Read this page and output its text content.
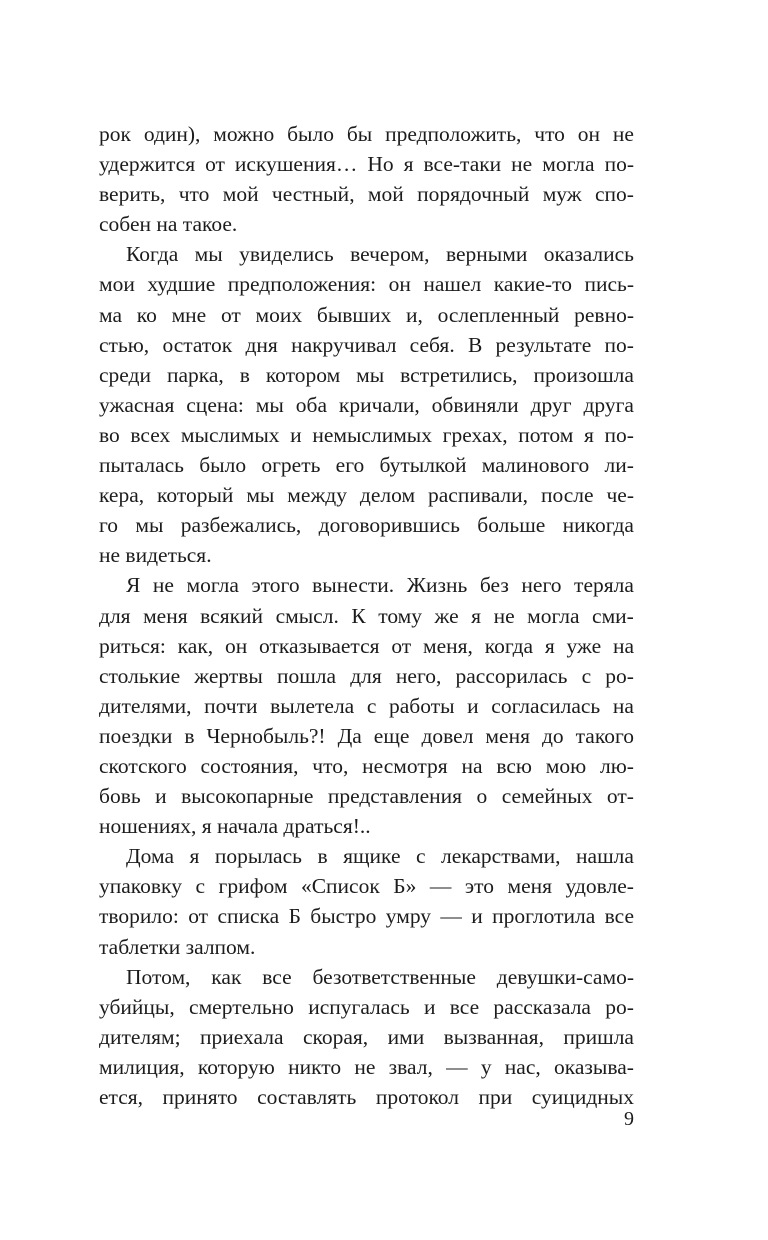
рок один), можно было бы предположить, что он не
удержится от искушения… Но я все-таки не могла по-
верить, что мой честный, мой порядочный муж спо-
собен на такое.
Когда мы увиделись вечером, верными оказались
мои худшие предположения: он нашел какие-то пись-
ма ко мне от моих бывших и, ослепленный ревно-
стью, остаток дня накручивал себя. В результате по-
среди парка, в котором мы встретились, произошла
ужасная сцена: мы оба кричали, обвиняли друг друга
во всех мыслимых и немыслимых грехах, потом я по-
пыталась было огреть его бутылкой малинового ли-
кера, который мы между делом распивали, после че-
го мы разбежались, договорившись больше никогда
не видеться.
Я не могла этого вынести. Жизнь без него теряла
для меня всякий смысл. К тому же я не могла сми-
риться: как, он отказывается от меня, когда я уже на
столькие жертвы пошла для него, рассорилась с ро-
дителями, почти вылетела с работы и согласилась на
поездки в Чернобыль?! Да еще довел меня до такого
скотского состояния, что, несмотря на всю мою лю-
бовь и высокопарные представления о семейных от-
ношениях, я начала драться!..
Дома я порылась в ящике с лекарствами, нашла
упаковку с грифом «Список Б» — это меня удовле-
творило: от списка Б быстро умру — и проглотила все
таблетки залпом.
Потом, как все безответственные девушки-само-
убийцы, смертельно испугалась и все рассказала ро-
дителям; приехала скорая, ими вызванная, пришла
милиция, которую никто не звал, — у нас, оказыва-
ется, принято составлять протокол при суицидных
9
